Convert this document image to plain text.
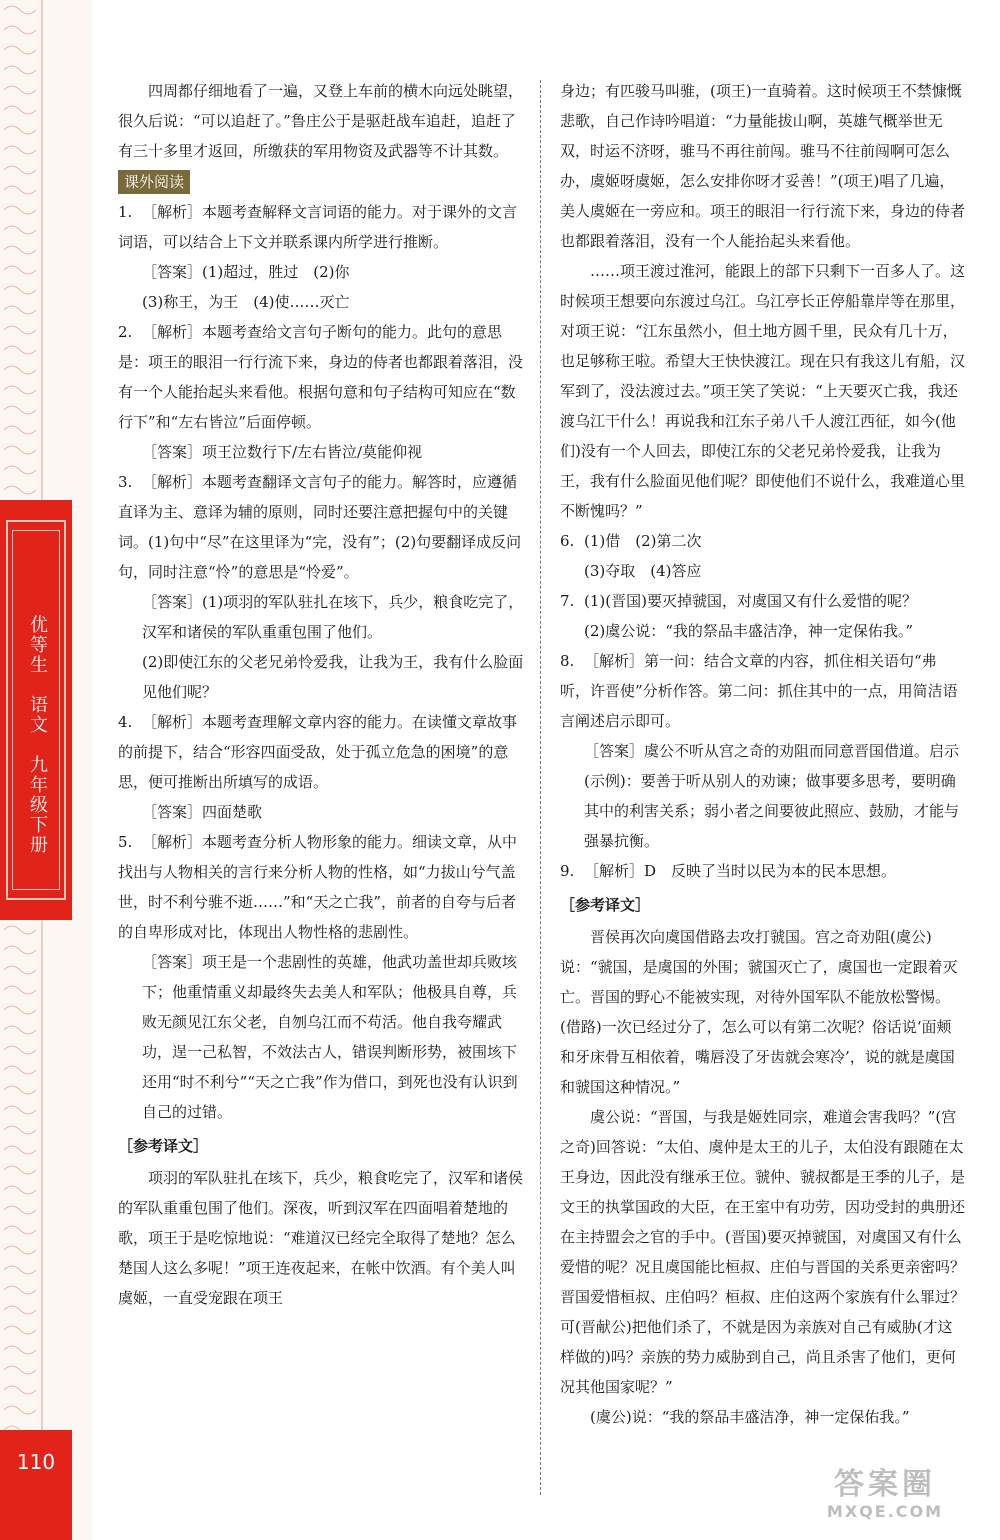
优等生　语文　九年级下册
110

四周都仔细地看了一遍，又登上车前的横木向远处眺望，很久后说：“可以追赶了。”鲁庄公于是驱赶战车追赶，追赶了有三十多里才返回，所缴获的军用物资及武器等不计其数。

课外阅读

1. ［解析］本题考查解释文言词语的能力。对于课外的文言词语，可以结合上下文并联系课内所学进行推断。

［答案］(1)超过，胜过　(2)你

(3)称王，为王　(4)使……灭亡

2. ［解析］本题考查给文言句子断句的能力。此句的意思是：项王的眼泪一行行流下来，身边的侍者也都跟着落泪，没有一个人能抬起头来看他。根据句意和句子结构可知应在“数行下”和“左右皆泣”后面停顿。

［答案］项王泣数行下/左右皆泣/莫能仰视

3. ［解析］本题考查翻译文言句子的能力。解答时，应遵循直译为主、意译为辅的原则，同时还要注意把握句中的关键词。(1)句中“尽”在这里译为“完，没有”；(2)句要翻译成反问句，同时注意“怜”的意思是“怜爱”。

［答案］(1)项羽的军队驻扎在垓下，兵少，粮食吃完了，汉军和诸侯的军队重重包围了他们。

(2)即使江东的父老兄弟怜爱我，让我为王，我有什么脸面见他们呢？

4. ［解析］本题考查理解文章内容的能力。在读懂文章故事的前提下，结合“形容四面受敌，处于孤立危急的困境”的意思，便可推断出所填写的成语。

［答案］四面楚歌

5. ［解析］本题考查分析人物形象的能力。细读文章，从中找出与人物相关的言行来分析人物的性格，如“力拔山兮气盖世，时不利兮骓不逝……”和“天之亡我”，前者的自夸与后者的自卑形成对比，体现出人物性格的悲剧性。

［答案］项王是一个悲剧性的英雄，他武功盖世却兵败垓下；他重情重义却最终失去美人和军队；他极具自尊，兵败无颜见江东父老，自刎乌江而不苟活。他自我夸耀武功，逞一己私智，不效法古人，错误判断形势，被围垓下还用“时不利兮”“天之亡我”作为借口，到死也没有认识到自己的过错。

［参考译文］

项羽的军队驻扎在垓下，兵少，粮食吃完了，汉军和诸侯的军队重重包围了他们。深夜，听到汉军在四面唱着楚地的歌，项王于是吃惊地说：“难道汉已经完全取得了楚地？怎么楚国人这么多呢！”项王连夜起来，在帐中饮酒。有个美人叫虞姬，一直受宠跟在项王

身边；有匹骏马叫骓，(项王)一直骑着。这时候项王不禁慷慨悲歌，自己作诗吟唱道：“力量能拔山啊，英雄气概举世无双，时运不济呀，骓马不再往前闯。骓马不往前闯啊可怎么办，虞姬呀虞姬，怎么安排你呀才妥善！”(项王)唱了几遍，美人虞姬在一旁应和。项王的眼泪一行行流下来，身边的侍者也都跟着落泪，没有一个人能抬起头来看他。

……项王渡过淮河，能跟上的部下只剩下一百多人了。这时候项王想要向东渡过乌江。乌江亭长正停船靠岸等在那里，对项王说：“江东虽然小，但土地方圆千里，民众有几十万，也足够称王啦。希望大王快快渡江。现在只有我这儿有船，汉军到了，没法渡过去。”项王笑了笑说：“上天要灭亡我，我还渡乌江干什么！再说我和江东子弟八千人渡江西征，如今(他们)没有一个人回去，即使江东的父老兄弟怜爱我，让我为王，我有什么脸面见他们呢？即使他们不说什么，我难道心里不断愧吗？”

6. (1)借　(2)第二次

(3)夺取　(4)答应

7. (1)(晋国)要灭掉虢国，对虞国又有什么爱惜的呢？

(2)虞公说：“我的祭品丰盛洁净，神一定保佑我。”

8. ［解析］第一问：结合文章的内容，抓住相关语句“弗听，许晋使”分析作答。第二问：抓住其中的一点，用简洁语言阐述启示即可。

［答案］虞公不听从宫之奇的劝阻而同意晋国借道。启示(示例)：要善于听从别人的劝谏；做事要多思考，要明确其中的利害关系；弱小者之间要彼此照应、鼓励，才能与强暴抗衡。

9. ［解析］D　反映了当时以民为本的民本思想。

［参考译文］

晋侯再次向虞国借路去攻打虢国。宫之奇劝阻(虞公)说：“虢国，是虞国的外围；虢国灭亡了，虞国也一定跟着灭亡。晋国的野心不能被实现，对待外国军队不能放松警惕。(借路)一次已经过分了，怎么可以有第二次呢？俗话说‘面颊和牙床骨互相依着，嘴唇没了牙齿就会寒冷’，说的就是虞国和虢国这种情况。”

虞公说：“晋国，与我是姬姓同宗，难道会害我吗？”(宫之奇)回答说：“太伯、虞仲是太王的儿子，太伯没有跟随在太王身边，因此没有继承王位。虢仲、虢叔都是王季的儿子，是文王的执掌国政的大臣，在王室中有功劳，因功受封的典册还在主持盟会之官的手中。(晋国)要灭掉虢国，对虞国又有什么爱惜的呢？况且虞国能比桓叔、庄伯与晋国的关系更亲密吗？晋国爱惜桓叔、庄伯吗？桓叔、庄伯这两个家族有什么罪过？可(晋献公)把他们杀了，不就是因为亲族对自己有威胁(才这样做的)吗？亲族的势力威胁到自己，尚且杀害了他们，更何况其他国家呢？”

(虞公)说：“我的祭品丰盛洁净，神一定保佑我。”

答案圈
MXQE.COM
